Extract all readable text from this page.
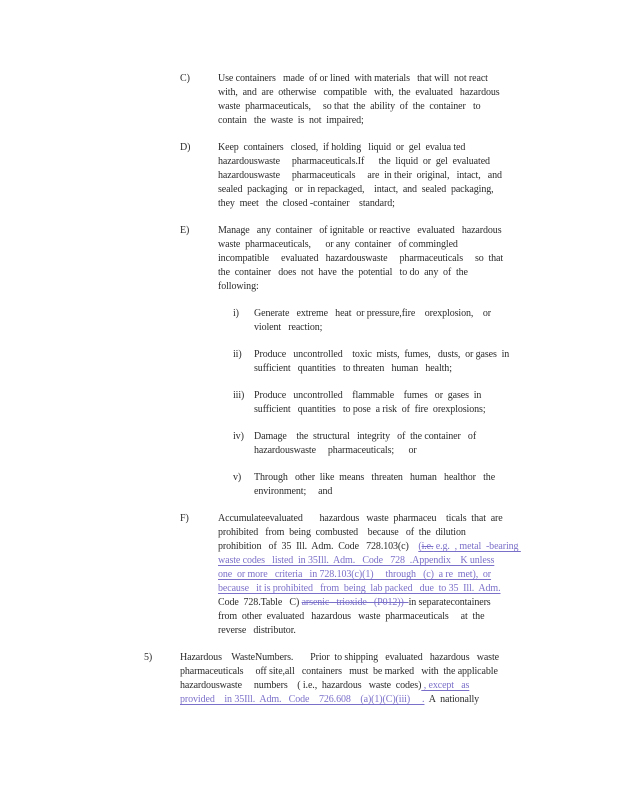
C)	Use containers   made  of or lined  with materials   that will  not react
with,  and  are  otherwise   compatible   with,  the  evaluated   hazardous
waste  pharmaceuticals,     so that  the  ability  of  the  container   to
contain   the  waste  is  not  impaired;
D)	Keep  containers   closed,  if holding   liquid  or  gel  evalua ted
hazardouswaste     pharmaceuticals.If      the  liquid  or  gel  evaluated
hazardouswaste     pharmaceuticals     are  in their  original,   intact,   and
sealed  packaging   or  in repackaged,    intact,  and  sealed  packaging,
they  meet   the  closed -container    standard;
E)	Manage   any  container   of ignitable  or reactive   evaluated   hazardous
waste  pharmaceuticals,      or any  container   of commingled
incompatible     evaluated   hazardouswaste     pharmaceuticals     so  that
the  container   does  not  have  the  potential   to do  any  of  the
following:
i)	Generate   extreme   heat  or pressure,fire    orexplosion,    or
violent   reaction;
ii)	Produce   uncontrolled    toxic  mists,  fumes,   dusts,  or gases  in
sufficient   quantities   to threaten   human   health;
iii) Produce   uncontrolled    flammable    fumes   or  gases  in
sufficient   quantities   to pose  a risk  of  fire  orexplosions;
iv)	Damage    the  structural   integrity   of  the container   of
hazardouswaste     pharmaceuticals;      or
v)	Through   other  like  means   threaten   human   healthor   the
environment;     and
F)	Accumulateevaluated       hazardous   waste  pharmaceu    ticals  that  are
prohibited   from  being  combusted    because   of  the  dilution
prohibition   of  35  Ill.  Adm.  Code   728.103(c)    (i.e. e.g.  , metal  -bearing
waste codes   listed  in 35Ill.  Adm.   Code   728  .Appendix    K unless
one  or more   criteria   in 728.103(c)(1)     through   (c)  a re  met),  or
because   it is prohibited   from  being  lab packed   due  to 35  Ill.  Adm.
Code  728.Table   C) arsenic   trioxide   (P012))  in separatecontainers
from  other  evaluated   hazardous   waste  pharmaceuticals     at  the
reverse   distributor.
5)	Hazardous    WasteNumbers.       Prior  to shipping   evaluated   hazardous   waste
pharmaceuticals     off site,all   containers   must  be marked   with  the applicable
hazardouswaste     numbers    ( i.e.,  hazardous   waste  codes) , except   as
provided    in 35Ill.  Adm.   Code    726.608    (a)(1)(C)(iii)     .  A  nationally
